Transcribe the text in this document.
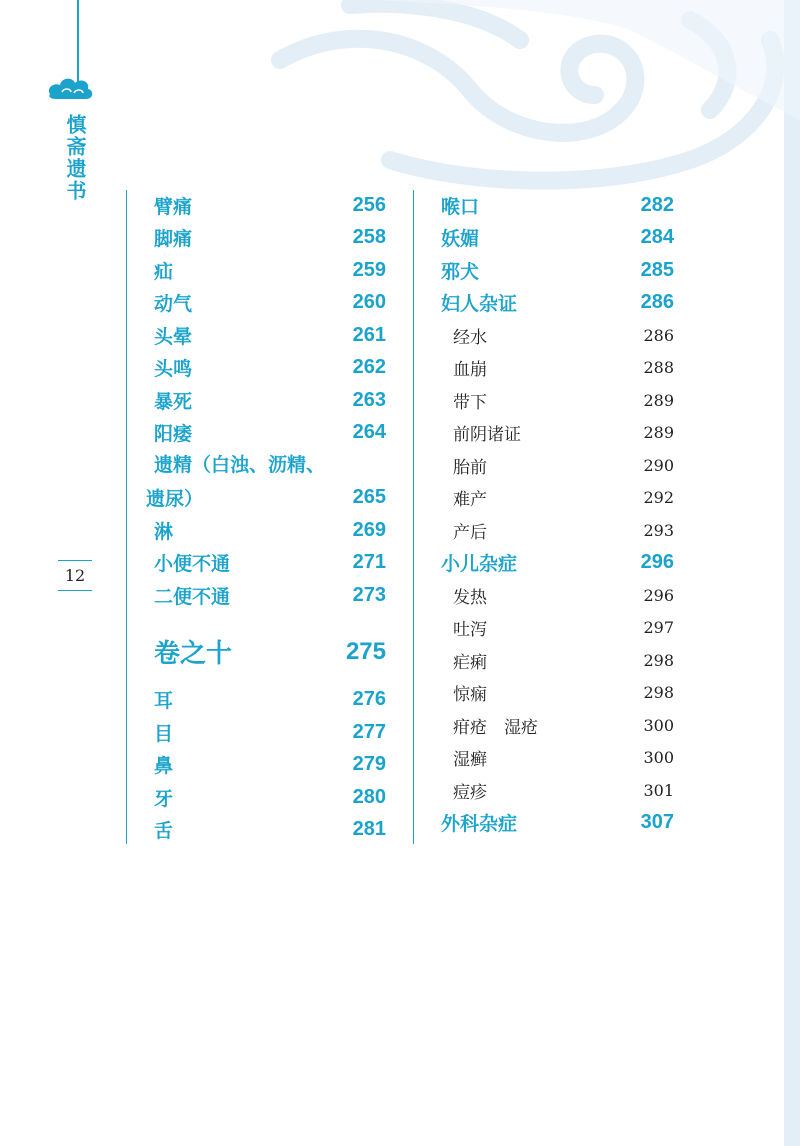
慎斋遗书
12
臂痛	256
脚痛	258
疝	259
动气	260
头晕	261
头鸣	262
暴死	263
阳痿	264
遗精（白浊、沥精、
遗尿）	265
淋	269
小便不通	271
二便不通	273
卷之十	275
耳	276
目	277
鼻	279
牙	280
舌	281
喉口	282
妖媚	284
邪犬	285
妇人杂证	286
经水	286
血崩	288
带下	289
前阴诸证	289
胎前	290
难产	292
产后	293
小儿杂症	296
发热	296
吐泻	297
疟痢	298
惊痫	298
疳疮　湿疮	300
湿癣	300
痘疹	301
外科杂症	307
